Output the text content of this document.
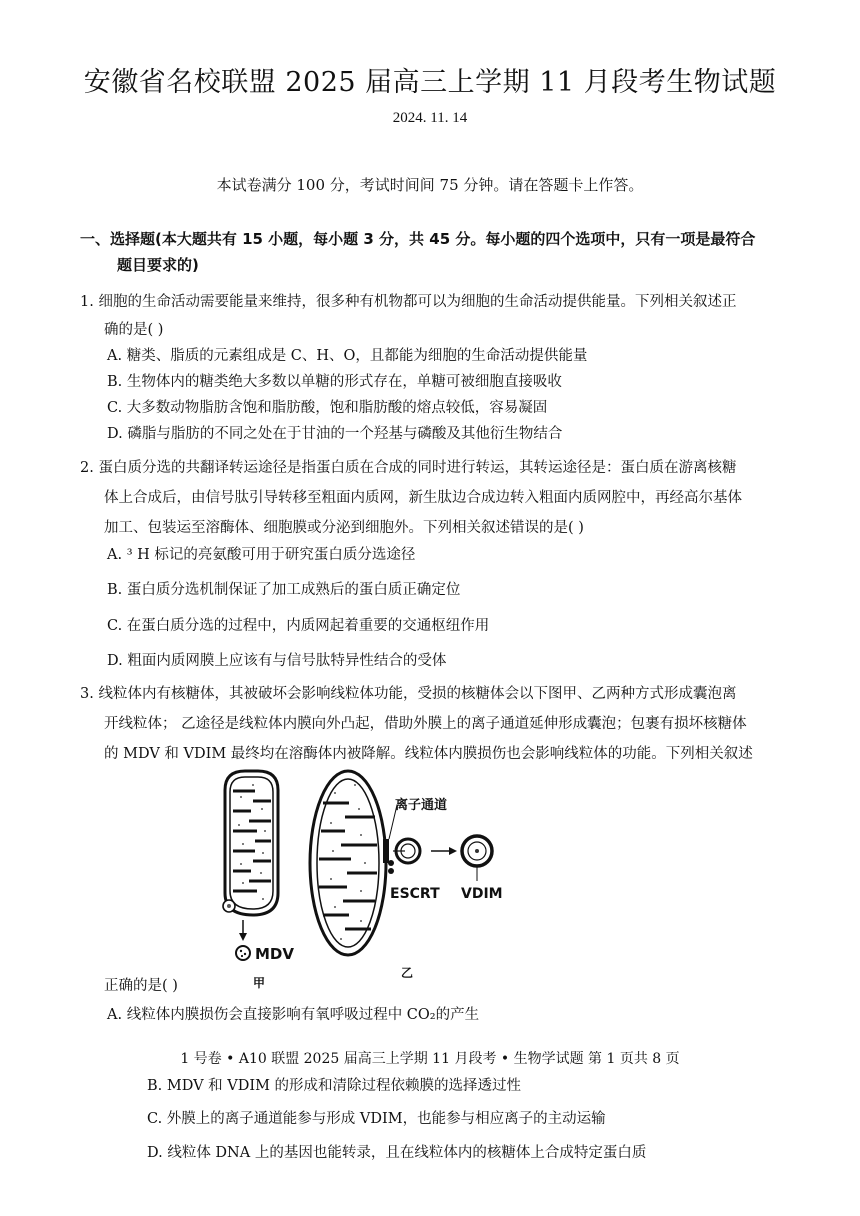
安徽省名校联盟 2025 届高三上学期 11 月段考生物试题
2024. 11. 14
本试卷满分 100 分，考试时间间 75 分钟。请在答题卡上作答。
一、选择题(本大题共有 15 小题，每小题 3 分，共 45 分。每小题的四个选项中，只有一项是最符合
题目要求的)
1. 细胞的生命活动需要能量来维持，很多种有机物都可以为细胞的生命活动提供能量。下列相关叙述正
确的是( )
A. 糖类、脂质的元素组成是 C、H、O，且都能为细胞的生命活动提供能量
B. 生物体内的糖类绝大多数以单糖的形式存在，单糖可被细胞直接吸收
C. 大多数动物脂肪含饱和脂肪酸，饱和脂肪酸的熔点较低，容易凝固
D. 磷脂与脂肪的不同之处在于甘油的一个羟基与磷酸及其他衍生物结合
2. 蛋白质分选的共翻译转运途径是指蛋白质在合成的同时进行转运，其转运途径是：蛋白质在游离核糖
体上合成后，由信号肽引导转移至粗面内质网，新生肽边合成边转入粗面内质网腔中，再经高尔基体
加工、包装运至溶酶体、细胞膜或分泌到细胞外。下列相关叙述错误的是( )
A. ³ H 标记的亮氨酸可用于研究蛋白质分选途径
B. 蛋白质分选机制保证了加工成熟后的蛋白质正确定位
C. 在蛋白质分选的过程中，内质网起着重要的交通枢纽作用
D. 粗面内质网膜上应该有与信号肽特异性结合的受体
3. 线粒体内有核糖体，其被破坏会影响线粒体功能，受损的核糖体会以下图甲、乙两种方式形成囊泡离
开线粒体； 乙途径是线粒体内膜向外凸起，借助外膜上的离子通道延伸形成囊泡；包裹有损坏核糖体
的 MDV 和 VDIM 最终均在溶酶体内被降解。线粒体内膜损伤也会影响线粒体的功能。下列相关叙述
MDV
甲
离子通道
ESCRT VDIM
乙
正确的是( )
A. 线粒体内膜损伤会直接影响有氧呼吸过程中 CO₂的产生
1 号卷 • A10 联盟 2025 届高三上学期 11 月段考 • 生物学试题 第 1 页共 8 页
B. MDV 和 VDIM 的形成和清除过程依赖膜的选择透过性
C. 外膜上的离子通道能参与形成 VDIM，也能参与相应离子的主动运输
D. 线粒体 DNA 上的基因也能转录，且在线粒体内的核糖体上合成特定蛋白质
